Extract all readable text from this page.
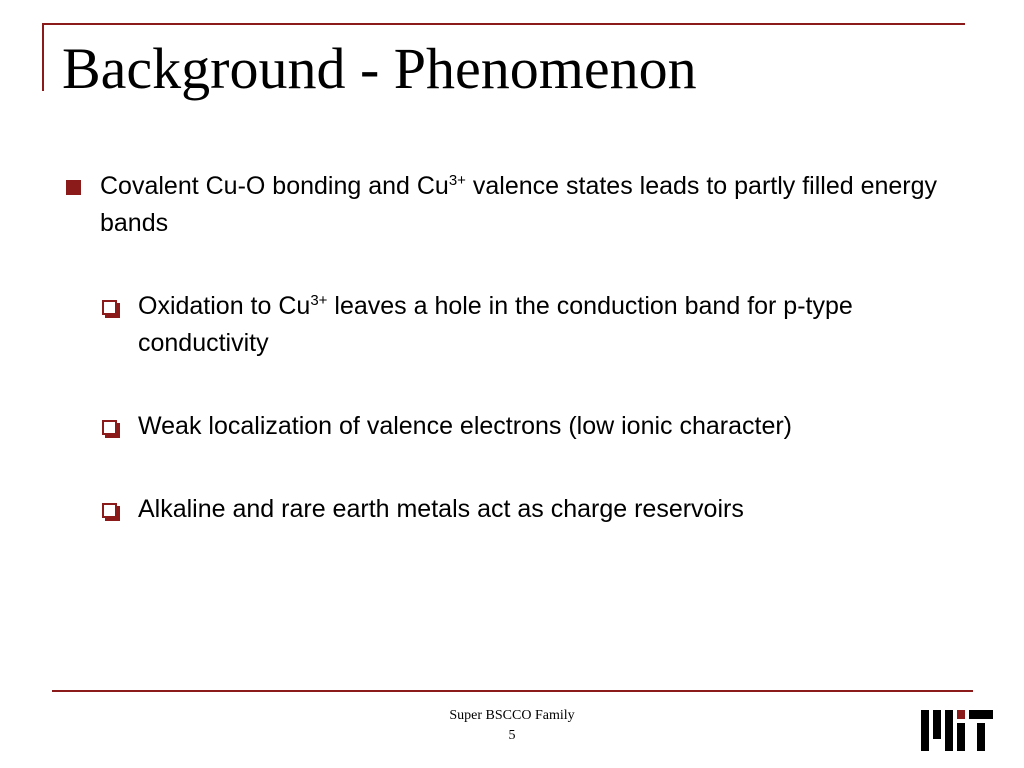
Background - Phenomenon
Covalent Cu-O bonding and $Cu^{3+}$ valence states leads to partly filled energy bands
Oxidation to $Cu^{3+}$ leaves a hole in the conduction band for p-type conductivity
Weak localization of valence electrons (low ionic character)
Alkaline and rare earth metals act as charge reservoirs
Super BSCCO Family
5
